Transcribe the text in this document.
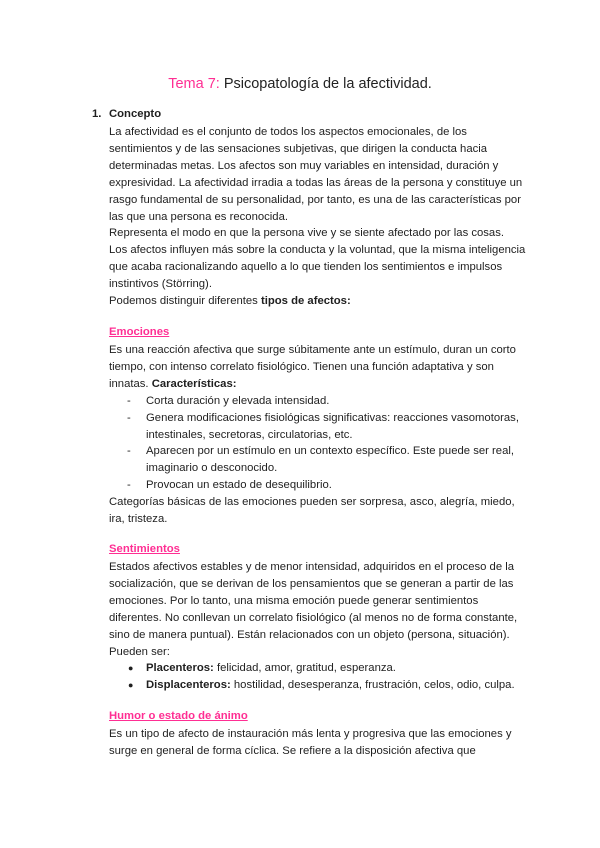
Tema 7: Psicopatología de la afectividad.
1. Concepto

La afectividad es el conjunto de todos los aspectos emocionales, de los sentimientos y de las sensaciones subjetivas, que dirigen la conducta hacia determinadas metas. Los afectos son muy variables en intensidad, duración y expresividad. La afectividad irradia a todas las áreas de la persona y constituye un rasgo fundamental de su personalidad, por tanto, es una de las características por las que una persona es reconocida.

Representa el modo en que la persona vive y se siente afectado por las cosas.

Los afectos influyen más sobre la conducta y la voluntad, que la misma inteligencia que acaba racionalizando aquello a lo que tienden los sentimientos e impulsos instintivos (Störring).

Podemos distinguir diferentes tipos de afectos:

Emociones

Es una reacción afectiva que surge súbitamente ante un estímulo, duran un corto tiempo, con intenso correlato fisiológico. Tienen una función adaptativa y son innatas. Características:

- Corta duración y elevada intensidad.
- Genera modificaciones fisiológicas significativas: reacciones vasomotoras, intestinales, secretoras, circulatorias, etc.
- Aparecen por un estímulo en un contexto específico. Este puede ser real, imaginario o desconocido.
- Provocan un estado de desequilibrio.

Categorías básicas de las emociones pueden ser sorpresa, asco, alegría, miedo, ira, tristeza.

Sentimientos

Estados afectivos estables y de menor intensidad, adquiridos en el proceso de la socialización, que se derivan de los pensamientos que se generan a partir de las emociones. Por lo tanto, una misma emoción puede generar sentimientos diferentes. No conllevan un correlato fisiológico (al menos no de forma constante, sino de manera puntual). Están relacionados con un objeto (persona, situación). Pueden ser:

● Placenteros: felicidad, amor, gratitud, esperanza.
● Displacenteros: hostilidad, desesperanza, frustración, celos, odio, culpa.
Humor o estado de ánimo

Es un tipo de afecto de instauración más lenta y progresiva que las emociones y surge en general de forma cíclica. Se refiere a la disposición afectiva que
